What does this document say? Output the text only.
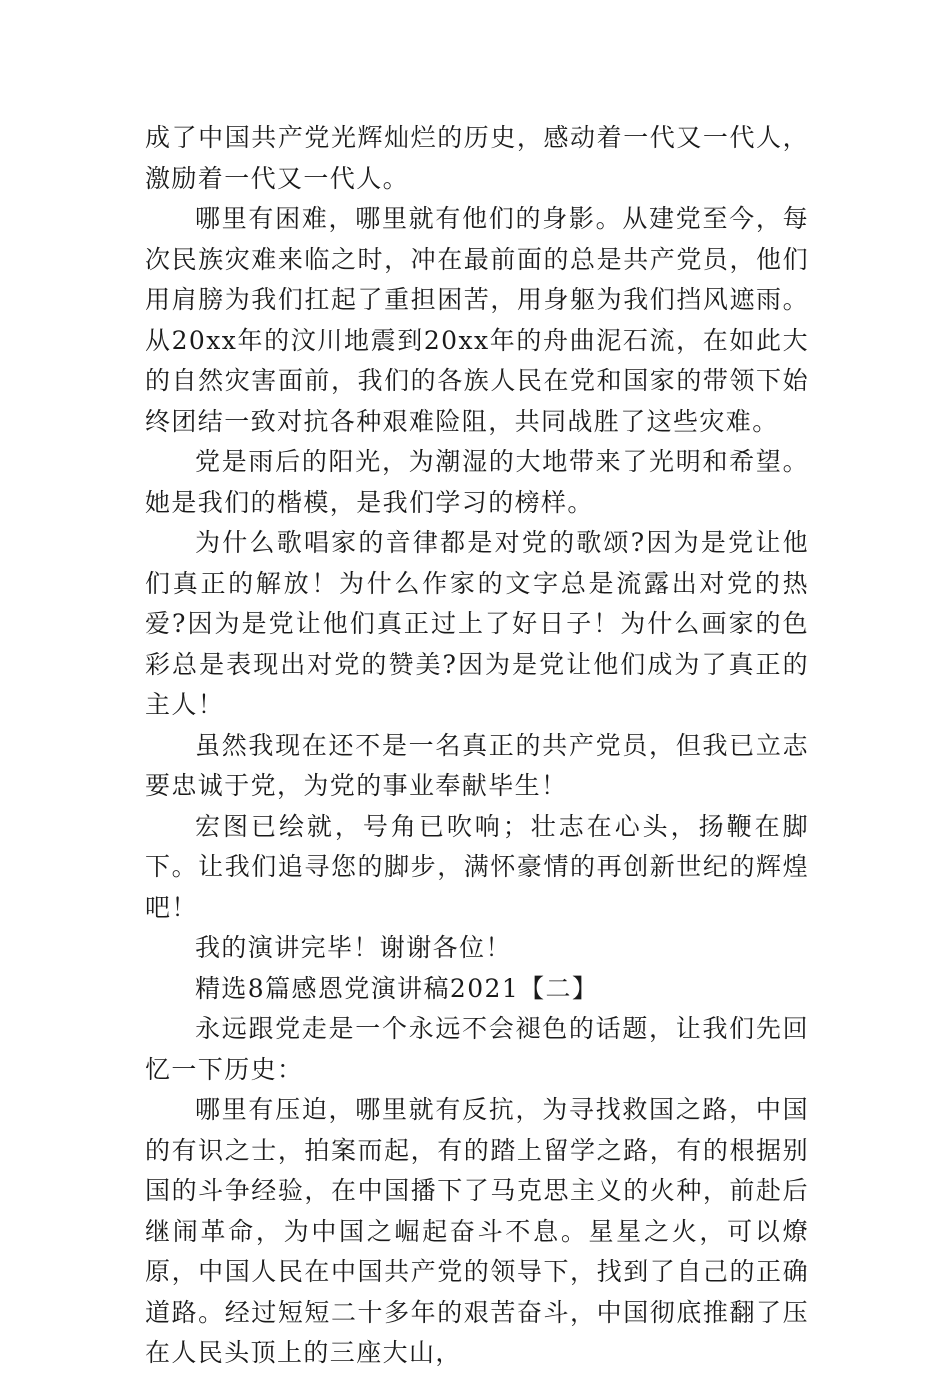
成了中国共产党光辉灿烂的历史，感动着一代又一代人，激励着一代又一代人。

哪里有困难，哪里就有他们的身影。从建党至今，每次民族灾难来临之时，冲在最前面的总是共产党员，他们用肩膀为我们扛起了重担困苦，用身躯为我们挡风遮雨。从20xx年的汶川地震到20xx年的舟曲泥石流，在如此大的自然灾害面前，我们的各族人民在党和国家的带领下始终团结一致对抗各种艰难险阻，共同战胜了这些灾难。

党是雨后的阳光，为潮湿的大地带来了光明和希望。她是我们的楷模，是我们学习的榜样。

为什么歌唱家的音律都是对党的歌颂?因为是党让他们真正的解放！为什么作家的文字总是流露出对党的热爱?因为是党让他们真正过上了好日子！为什么画家的色彩总是表现出对党的赞美?因为是党让他们成为了真正的主人！

虽然我现在还不是一名真正的共产党员，但我已立志要忠诚于党，为党的事业奉献毕生！

宏图已绘就，号角已吹响；壮志在心头，扬鞭在脚下。让我们追寻您的脚步，满怀豪情的再创新世纪的辉煌吧！

我的演讲完毕！谢谢各位！

精选8篇感恩党演讲稿2021【二】

永远跟党走是一个永远不会褪色的话题，让我们先回忆一下历史：

哪里有压迫，哪里就有反抗，为寻找救国之路，中国的有识之士，拍案而起，有的踏上留学之路，有的根据别国的斗争经验，在中国播下了马克思主义的火种，前赴后继闹革命，为中国之崛起奋斗不息。星星之火，可以燎原，中国人民在中国共产党的领导下，找到了自己的正确道路。经过短短二十多年的艰苦奋斗，中国彻底推翻了压在人民头顶上的三座大山，
